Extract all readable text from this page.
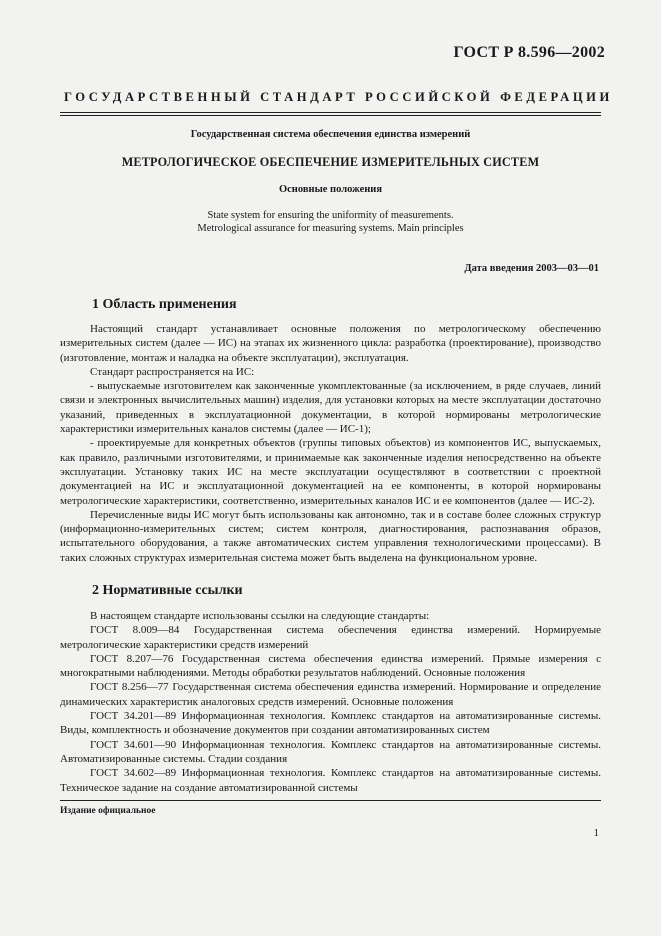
ГОСТ Р 8.596—2002
ГОСУДАРСТВЕННЫЙ СТАНДАРТ РОССИЙСКОЙ ФЕДЕРАЦИИ
Государственная система обеспечения единства измерений
МЕТРОЛОГИЧЕСКОЕ ОБЕСПЕЧЕНИЕ ИЗМЕРИТЕЛЬНЫХ СИСТЕМ
Основные положения
State system for ensuring the uniformity of measurements.
Metrological assurance for measuring systems. Main principles
Дата введения 2003—03—01
1 Область применения

Настоящий стандарт устанавливает основные положения по метрологическому обеспечению измерительных систем (далее — ИС) на этапах их жизненного цикла: разработка (проектирование), производство (изготовление, монтаж и наладка на объекте эксплуатации), эксплуатация.

Стандарт распространяется на ИС:

- выпускаемые изготовителем как законченные укомплектованные (за исключением, в ряде случаев, линий связи и электронных вычислительных машин) изделия, для установки которых на месте эксплуатации достаточно указаний, приведенных в эксплуатационной документации, в которой нормированы метрологические характеристики измерительных каналов системы (далее — ИС-1);

- проектируемые для конкретных объектов (группы типовых объектов) из компонентов ИС, выпускаемых, как правило, различными изготовителями, и принимаемые как законченные изделия непосредственно на объекте эксплуатации. Установку таких ИС на месте эксплуатации осуществляют в соответствии с проектной документацией на ИС и эксплуатационной документацией на ее компоненты, в которой нормированы метрологические характеристики, соответственно, измерительных каналов ИС и ее компонентов (далее — ИС-2).

Перечисленные виды ИС могут быть использованы как автономно, так и в составе более сложных структур (информационно-измерительных систем; систем контроля, диагностирования, распознавания образов, испытательного оборудования, а также автоматических систем управления технологическими процессами). В таких сложных структурах измерительная система может быть выделена на функциональном уровне.

2 Нормативные ссылки

В настоящем стандарте использованы ссылки на следующие стандарты:

ГОСТ 8.009—84 Государственная система обеспечения единства измерений. Нормируемые метрологические характеристики средств измерений

ГОСТ 8.207—76 Государственная система обеспечения единства измерений. Прямые измерения с многократными наблюдениями. Методы обработки результатов наблюдений. Основные положения

ГОСТ 8.256—77 Государственная система обеспечения единства измерений. Нормирование и определение динамических характеристик аналоговых средств измерений. Основные положения

ГОСТ 34.201—89 Информационная технология. Комплекс стандартов на автоматизированные системы. Виды, комплектность и обозначение документов при создании автоматизированных систем

ГОСТ 34.601—90 Информационная технология. Комплекс стандартов на автоматизированные системы. Автоматизированные системы. Стадии создания

ГОСТ 34.602—89 Информационная технология. Комплекс стандартов на автоматизированные системы. Техническое задание на создание автоматизированной системы

Издание официальное
1
